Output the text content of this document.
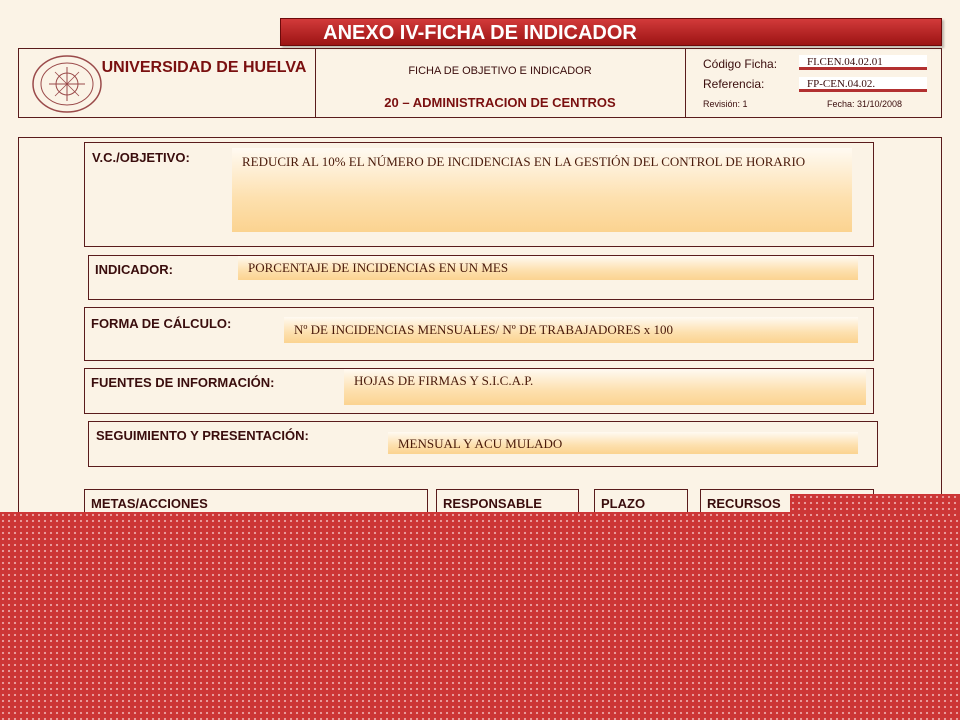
ANEXO IV-FICHA DE INDICADOR
UNIVERSIDAD DE HUELVA	FICHA DE OBJETIVO E INDICADOR
20 – ADMINISTRACION DE CENTROS
Código Ficha:	FI.CEN.04.02.01
Referencia:	FP-CEN.04.02.
Revisión: 1	Fecha: 31/10/2008
V.C./OBJETIVO:	REDUCIR AL 10% EL NÚMERO DE INCIDENCIAS EN LA GESTIÓN DEL CONTROL DE HORARIO
INDICADOR:	PORCENTAJE DE INCIDENCIAS EN UN MES
FORMA DE CÁLCULO:	Nº DE INCIDENCIAS MENSUALES/ Nº DE TRABAJADORES x 100
FUENTES DE INFORMACIÓN:	HOJAS DE FIRMAS Y S.I.C.A.P.
SEGUIMIENTO Y PRESENTACIÓN:
MENSUAL Y ACU MULADO
METAS/ACCIONES	RESPONSABLE	PLAZO	RECURSOS
